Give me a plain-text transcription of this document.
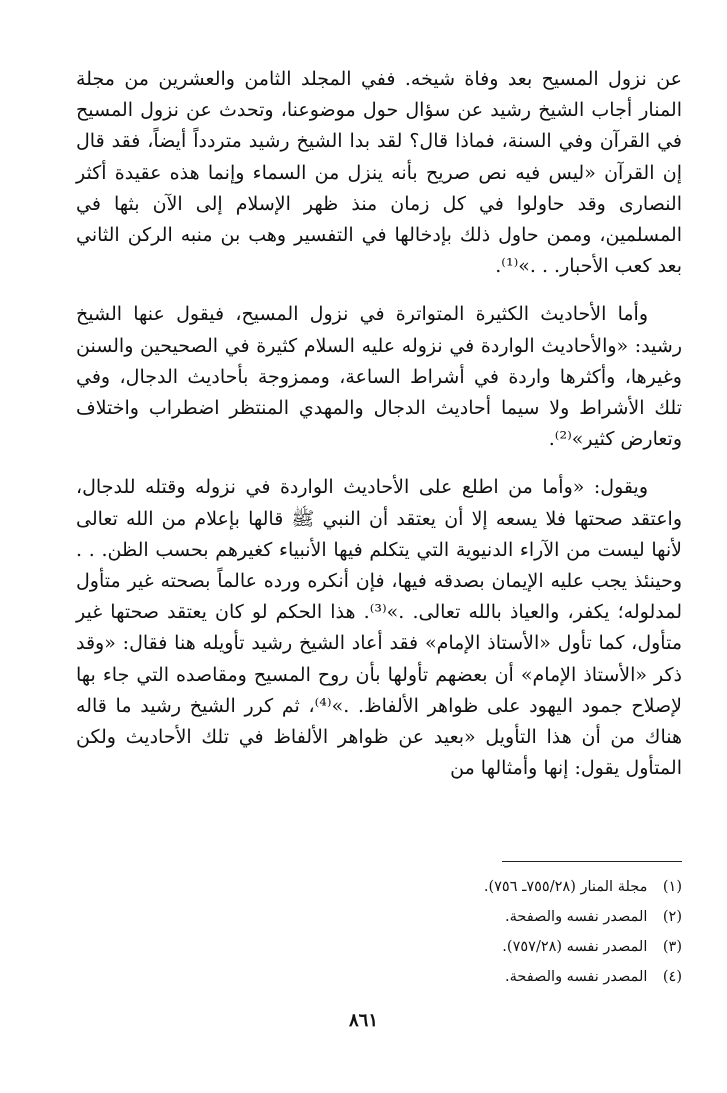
عن نزول المسيح بعد وفاة شيخه. ففي المجلد الثامن والعشرين من مجلة المنار أجاب الشيخ رشيد عن سؤال حول موضوعنا، وتحدث عن نزول المسيح في القرآن وفي السنة، فماذا قال؟ لقد بدا الشيخ رشيد متردداً أيضاً، فقد قال إن القرآن «ليس فيه نص صريح بأنه ينزل من السماء وإنما هذه عقيدة أكثر النصارى وقد حاولوا في كل زمان منذ ظهر الإسلام إلى الآن بثها في المسلمين، وممن حاول ذلك بإدخالها في التفسير وهب بن منبه الركن الثاني بعد كعب الأحبار. . .»⁽¹⁾.

وأما الأحاديث الكثيرة المتواترة في نزول المسيح، فيقول عنها الشيخ رشيد: «والأحاديث الواردة في نزوله عليه السلام كثيرة في الصحيحين والسنن وغيرها، وأكثرها واردة في أشراط الساعة، وممزوجة بأحاديث الدجال، وفي تلك الأشراط ولا سيما أحاديث الدجال والمهدي المنتظر اضطراب واختلاف وتعارض كثير»⁽²⁾.

ويقول: «وأما من اطلع على الأحاديث الواردة في نزوله وقتله للدجال، واعتقد صحتها فلا يسعه إلا أن يعتقد أن النبي ﷺ قالها بإعلام من الله تعالى لأنها ليست من الآراء الدنيوية التي يتكلم فيها الأنبياء كغيرهم بحسب الظن. . . وحينئذ يجب عليه الإيمان بصدقه فيها، فإن أنكره ورده عالماً بصحته غير متأول لمدلوله؛ يكفر، والعياذ بالله تعالى. .»⁽³⁾. هذا الحكم لو كان يعتقد صحتها غير متأول، كما تأول «الأستاذ الإمام» فقد أعاد الشيخ رشيد تأويله هنا فقال: «وقد ذكر «الأستاذ الإمام» أن بعضهم تأولها بأن روح المسيح ومقاصده التي جاء بها لإصلاح جمود اليهود على ظواهر الألفاظ. .»⁽⁴⁾، ثم كرر الشيخ رشيد ما قاله هناك من أن هذا التأويل «بعيد عن ظواهر الألفاظ في تلك الأحاديث ولكن المتأول يقول: إنها وأمثالها من

(١) مجلة المنار (٧٥٥/٢٨ـ ٧٥٦).
(٢) المصدر نفسه والصفحة.
(٣) المصدر نفسه (٧٥٧/٢٨).
(٤) المصدر نفسه والصفحة.
٨٦١
